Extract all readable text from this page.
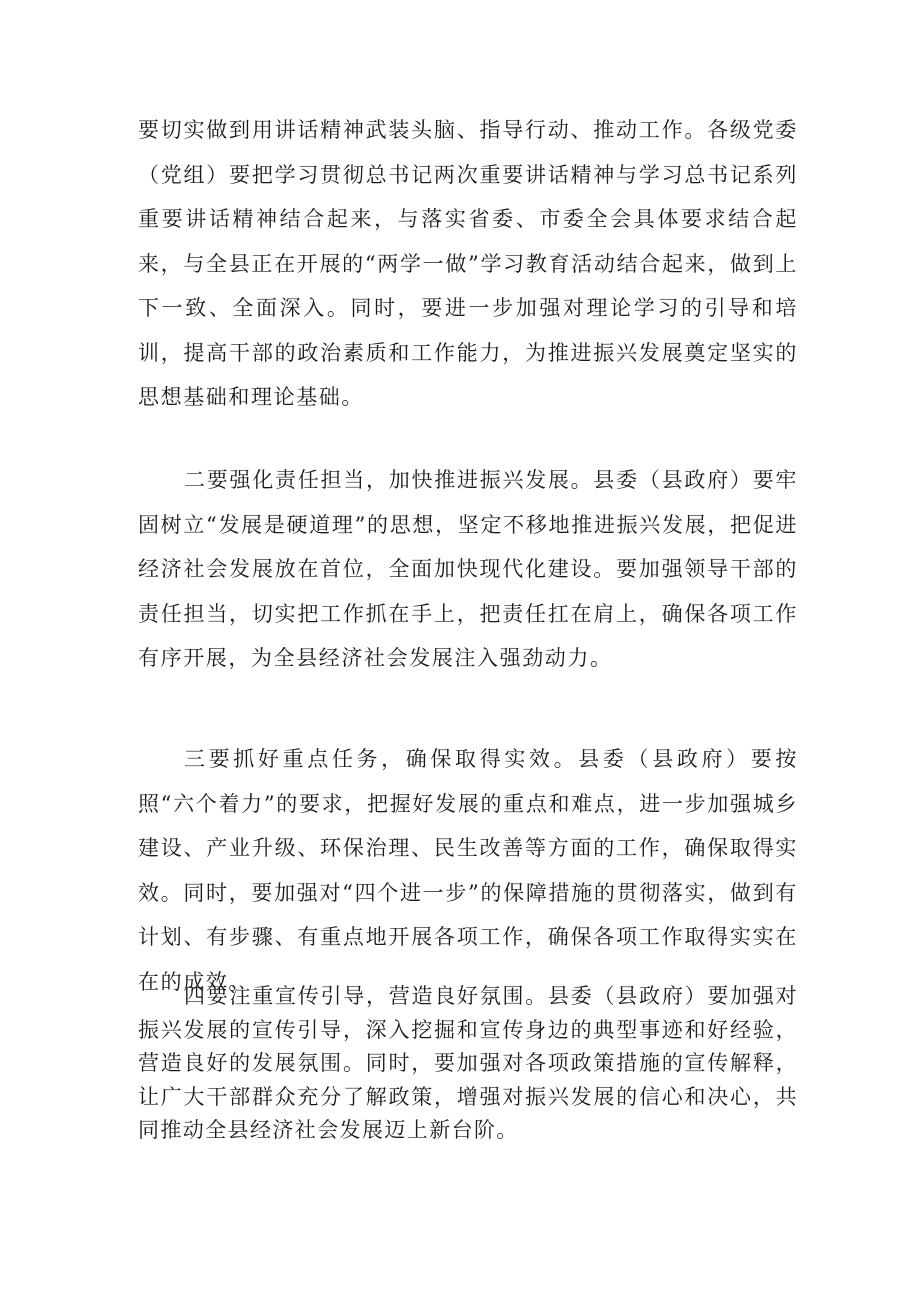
要切实做到用讲话精神武装头脑、指导行动、推动工作。各级党委（党组）要把学习贯彻总书记两次重要讲话精神与学习总书记系列重要讲话精神结合起来，与落实省委、市委全会具体要求结合起来，与全县正在开展的“两学一做”学习教育活动结合起来，做到上下一致、全面深入。同时，要进一步加强对理论学习的引导和培训，提高干部的政治素质和工作能力，为推进振兴发展奠定坚实的思想基础和理论基础。

二要强化责任担当，加快推进振兴发展。县委（县政府）要牢固树立“发展是硬道理”的思想，坚定不移地推进振兴发展，把促进经济社会发展放在首位，全面加快现代化建设。要加强领导干部的责任担当，切实把工作抓在手上，把责任扛在肩上，确保各项工作有序开展，为全县经济社会发展注入强劲动力。

三要抓好重点任务，确保取得实效。县委（县政府）要按照“六个着力”的要求，把握好发展的重点和难点，进一步加强城乡建设、产业升级、环保治理、民生改善等方面的工作，确保取得实效。同时，要加强对“四个进一步”的保障措施的贯彻落实，做到有计划、有步骤、有重点地开展各项工作，确保各项工作取得实实在在的成效。

四要注重宣传引导，营造良好氛围。县委（县政府）要加强对振兴发展的宣传引导，深入挖掘和宣传身边的典型事迹和好经验，营造良好的发展氛围。同时，要加强对各项政策措施的宣传解释，让广大干部群众充分了解政策，增强对振兴发展的信心和决心，共同推动全县经济社会发展迈上新台阶。
